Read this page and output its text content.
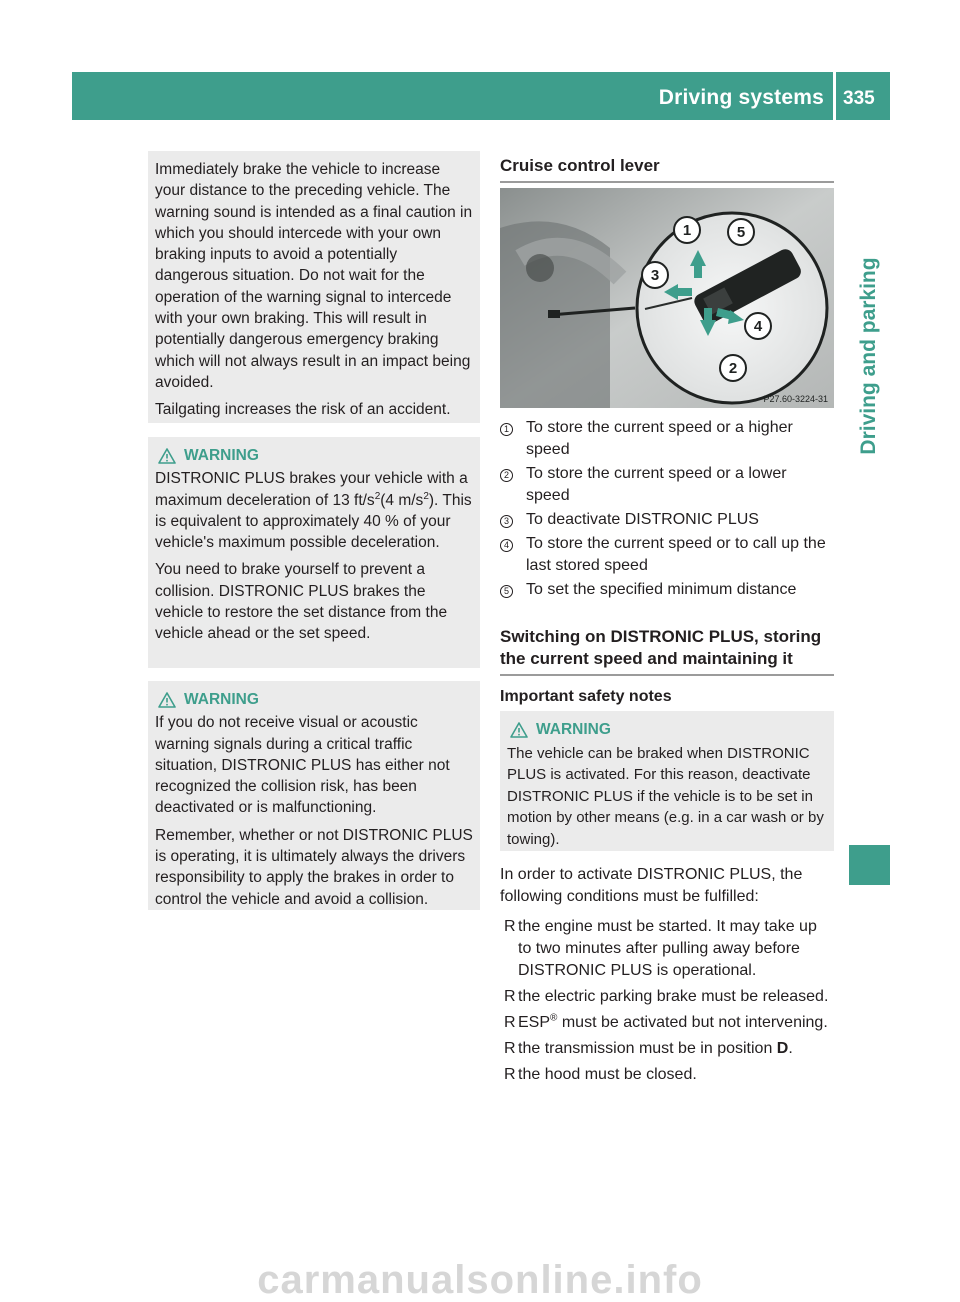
Driving systems 335
Driving and parking

Immediately brake the vehicle to increase your distance to the preceding vehicle. The warning sound is intended as a final caution in which you should intercede with your own braking inputs to avoid a potentially dangerous situation. Do not wait for the operation of the warning signal to intercede with your own braking. This will result in potentially dangerous emergency braking which will not always result in an impact being avoided.

Tailgating increases the risk of an accident.

WARNING

DISTRONIC PLUS brakes your vehicle with a maximum deceleration of 13 $ft/s^2(4$ $m/s^2$). This is equivalent to approximately 40 % of your vehicle's maximum possible deceleration.

You need to brake yourself to prevent a collision. DISTRONIC PLUS brakes the vehicle to restore the set distance from the vehicle ahead or the set speed.

WARNING

If you do not receive visual or acoustic warning signals during a critical traffic situation, DISTRONIC PLUS has either not recognized the collision risk, has been deactivated or is malfunctioning.

Remember, whether or not DISTRONIC PLUS is operating, it is ultimately always the drivers responsibility to apply the brakes in order to control the vehicle and avoid a collision.

Cruise control lever
1
2
3
4
5
P27.60-3224-31
1	To store the current speed or a higher speed
2	To store the current speed or a lower speed
3	To deactivate DISTRONIC PLUS
4	To store the current speed or to call up the last stored speed
5	To set the specified minimum distance
Switching on DISTRONIC PLUS, storing the current speed and maintaining it
Important safety notes
WARNING

The vehicle can be braked when DISTRONIC PLUS is activated. For this reason, deactivate DISTRONIC PLUS if the vehicle is to be set in motion by other means (e.g. in a car wash or by towing).

In order to activate DISTRONIC PLUS, the following conditions must be fulfilled:
R the engine must be started. It may take up to two minutes after pulling away before DISTRONIC PLUS is operational.
R the electric parking brake must be released.
R ESP® must be activated but not intervening.
R the transmission must be in position D.
R the hood must be closed.
carmanualsonline.info
